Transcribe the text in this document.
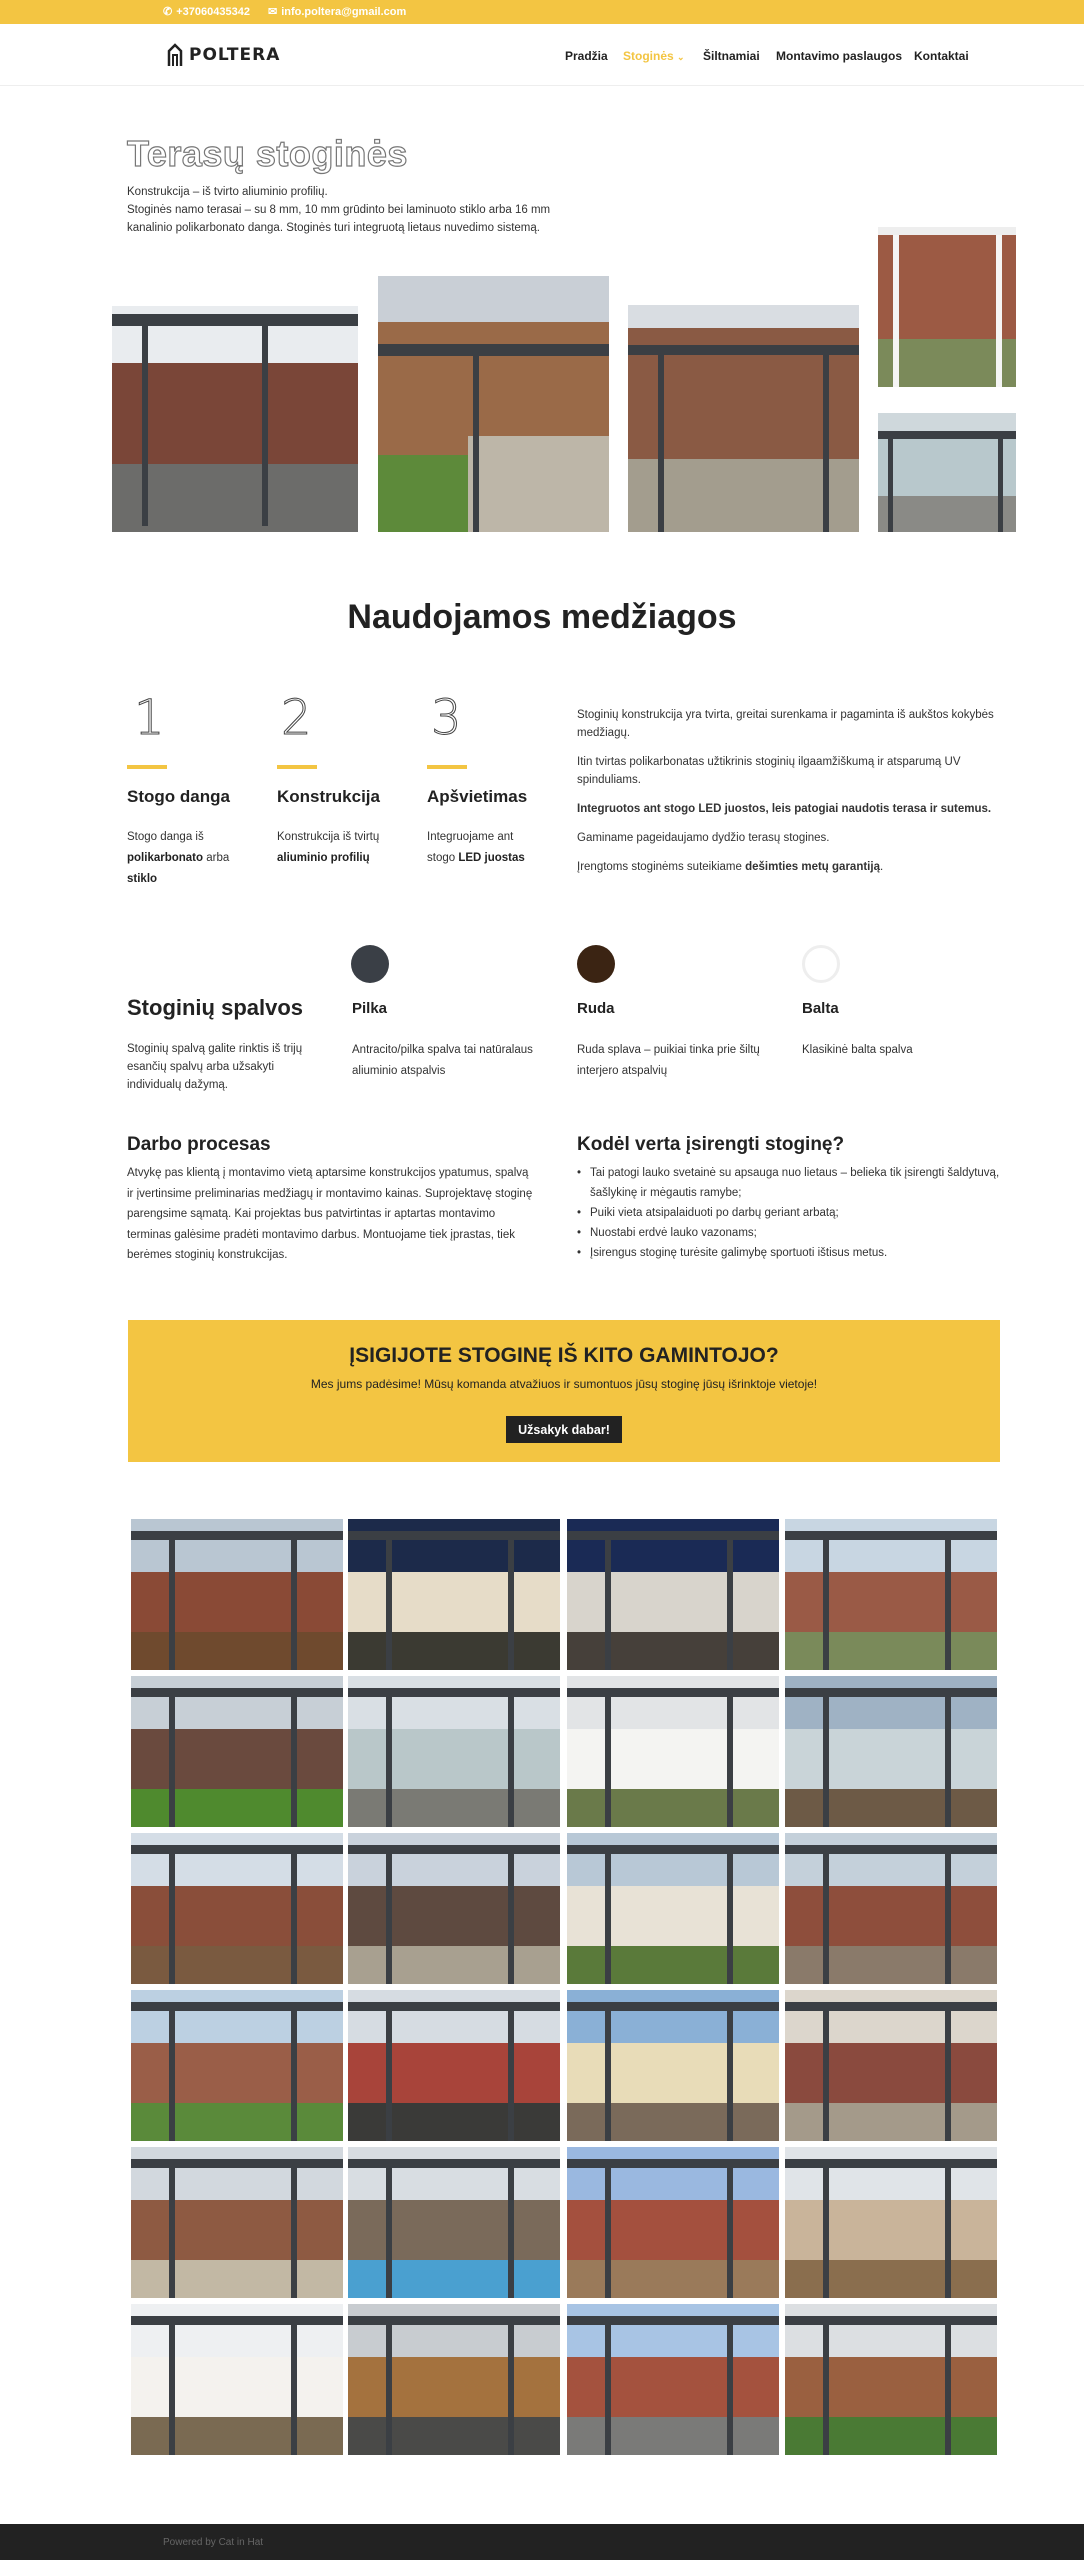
✆ +37060435342 ✉ info.poltera@gmail.com
POLTERA	Pradžia Stoginės ⌄ Šiltnamiai Montavimo paslaugos Kontaktai
Terasų stoginės
Konstrukcija – iš tvirto aliuminio profilių.
Stoginės namo terasai – su 8 mm, 10 mm grūdinto bei laminuoto stiklo arba 16 mm
kanalinio polikarbonato danga. Stoginės turi integruotą lietaus nuvedimo sistemą.
Naudojamos medžiagos
1
Stogo danga
Stogo danga iš polikarbonato arba stiklo
2
Konstrukcija
Konstrukcija iš tvirtų aliuminio profilių
3
Apšvietimas
Integruojame ant stogo LED juostas

Stoginių konstrukcija yra tvirta, greitai surenkama ir pagaminta iš aukštos kokybės medžiagų.

Itin tvirtas polikarbonatas užtikrinis stoginių ilgaamžiškumą ir atsparumą UV spinduliams.

Integruotos ant stogo LED juostos, leis patogiai naudotis terasa ir sutemus.

Gaminame pageidaujamo dydžio terasų stogines.

Įrengtoms stoginėms suteikiame dešimties metų garantiją.

Stoginių spalvos
Stoginių spalvą galite rinktis iš trijų esančių spalvų arba užsakyti individualų dažymą.
Pilka
Antracito/pilka spalva tai natūralaus aliuminio atspalvis
Ruda
Ruda splava – puikiai tinka prie šiltų interjero atspalvių
Balta
Klasikinė balta spalva
Darbo procesas
Atvykę pas klientą į montavimo vietą aptarsime konstrukcijos ypatumus, spalvą ir įvertinsime preliminarias medžiagų ir montavimo kainas. Suprojektavę stoginę parengsime sąmatą. Kai projektas bus patvirtintas ir aptartas montavimo terminas galėsime pradėti montavimo darbus. Montuojame tiek įprastas, tiek berėmes stoginių konstrukcijas.
Kodėl verta įsirengti stoginę?
• Tai patogi lauko svetainė su apsauga nuo lietaus – belieka tik įsirengti šaldytuvą, šašlykinę ir mėgautis ramybe;
• Puiki vieta atsipalaiduoti po darbų geriant arbatą;
• Nuostabi erdvė lauko vazonams;
• Įsirengus stoginę turėsite galimybę sportuoti ištisus metus.
ĮSIGIJOTE STOGINĘ IŠ KITO GAMINTOJO?
Mes jums padėsime! Mūsų komanda atvažiuos ir sumontuos jūsų stoginę jūsų išrinktoje vietoje!
Užsakyk dabar!
Powered by Cat in Hat
